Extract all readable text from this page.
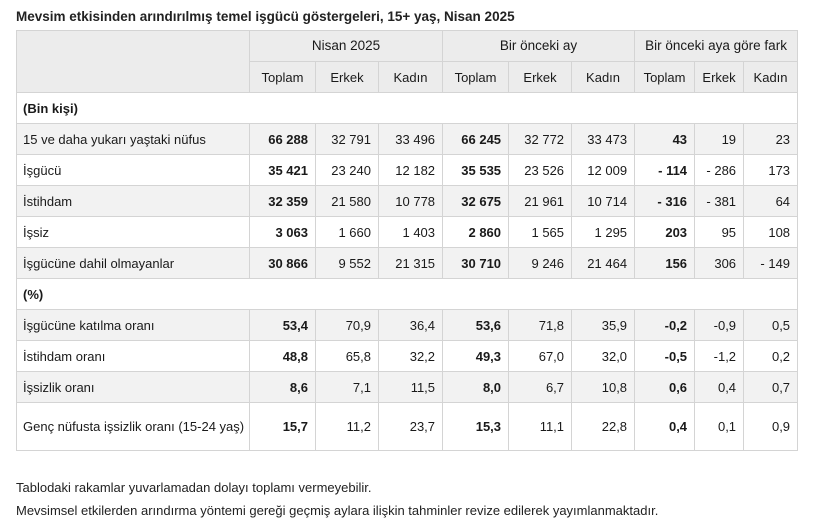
Mevsim etkisinden arındırılmış temel işgücü göstergeleri, 15+ yaş, Nisan 2025
	Nisan 2025			Bir önceki ay			Bir önceki aya göre fark		
	Toplam	Erkek	Kadın	Toplam	Erkek	Kadın	Toplam	Erkek	Kadın
(Bin kişi)									
15 ve daha yukarı yaştaki nüfus	66 288	32 791	33 496	66 245	32 772	33 473	43	19	23
İşgücü	35 421	23 240	12 182	35 535	23 526	12 009	- 114	- 286	173
İstihdam	32 359	21 580	10 778	32 675	21 961	10 714	- 316	- 381	64
İşsiz	3 063	1 660	1 403	2 860	1 565	1 295	203	95	108
İşgücüne dahil olmayanlar	30 866	9 552	21 315	30 710	9 246	21 464	156	306	- 149
(%)									
İşgücüne katılma oranı	53,4	70,9	36,4	53,6	71,8	35,9	-0,2	-0,9	0,5
İstihdam oranı	48,8	65,8	32,2	49,3	67,0	32,0	-0,5	-1,2	0,2
İşsizlik oranı	8,6	7,1	11,5	8,0	6,7	10,8	0,6	0,4	0,7
Genç nüfusta işsizlik oranı (15-24 yaş)	15,7	11,2	23,7	15,3	11,1	22,8	0,4	0,1	0,9
Tablodaki rakamlar yuvarlamadan dolayı toplamı vermeyebilir.
Mevsimsel etkilerden arındırma yöntemi gereği geçmiş aylara ilişkin tahminler revize edilerek yayımlanmaktadır.
